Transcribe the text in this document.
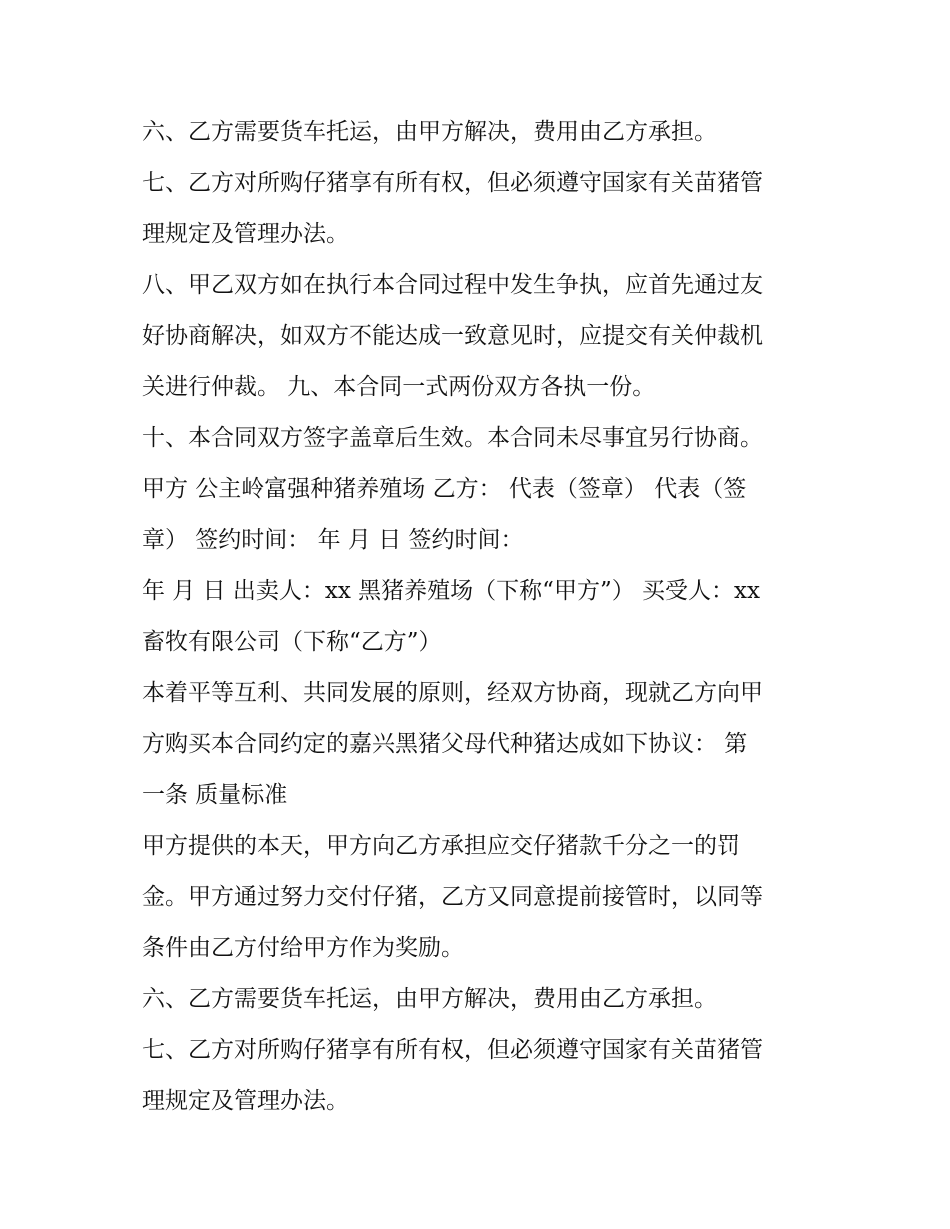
六、乙方需要货车托运，由甲方解决，费用由乙方承担。
七、乙方对所购仔猪享有所有权，但必须遵守国家有关苗猪管
理规定及管理办法。
八、甲乙双方如在执行本合同过程中发生争执，应首先通过友
好协商解决，如双方不能达成一致意见时，应提交有关仲裁机
关进行仲裁。 九、本合同一式两份双方各执一份。
十、本合同双方签字盖章后生效。本合同未尽事宜另行协商。
甲方 公主岭富强种猪养殖场 乙方： 代表（签章） 代表（签
章） 签约时间： 年 月 日 签约时间：
年 月 日 出卖人：xx 黑猪养殖场（下称“甲方”） 买受人：xx
畜牧有限公司（下称“乙方”）
本着平等互利、共同发展的原则，经双方协商，现就乙方向甲
方购买本合同约定的嘉兴黑猪父母代种猪达成如下协议： 第
一条 质量标准
甲方提供的本天，甲方向乙方承担应交仔猪款千分之一的罚
金。甲方通过努力交付仔猪，乙方又同意提前接管时，以同等
条件由乙方付给甲方作为奖励。
六、乙方需要货车托运，由甲方解决，费用由乙方承担。
七、乙方对所购仔猪享有所有权，但必须遵守国家有关苗猪管
理规定及管理办法。
